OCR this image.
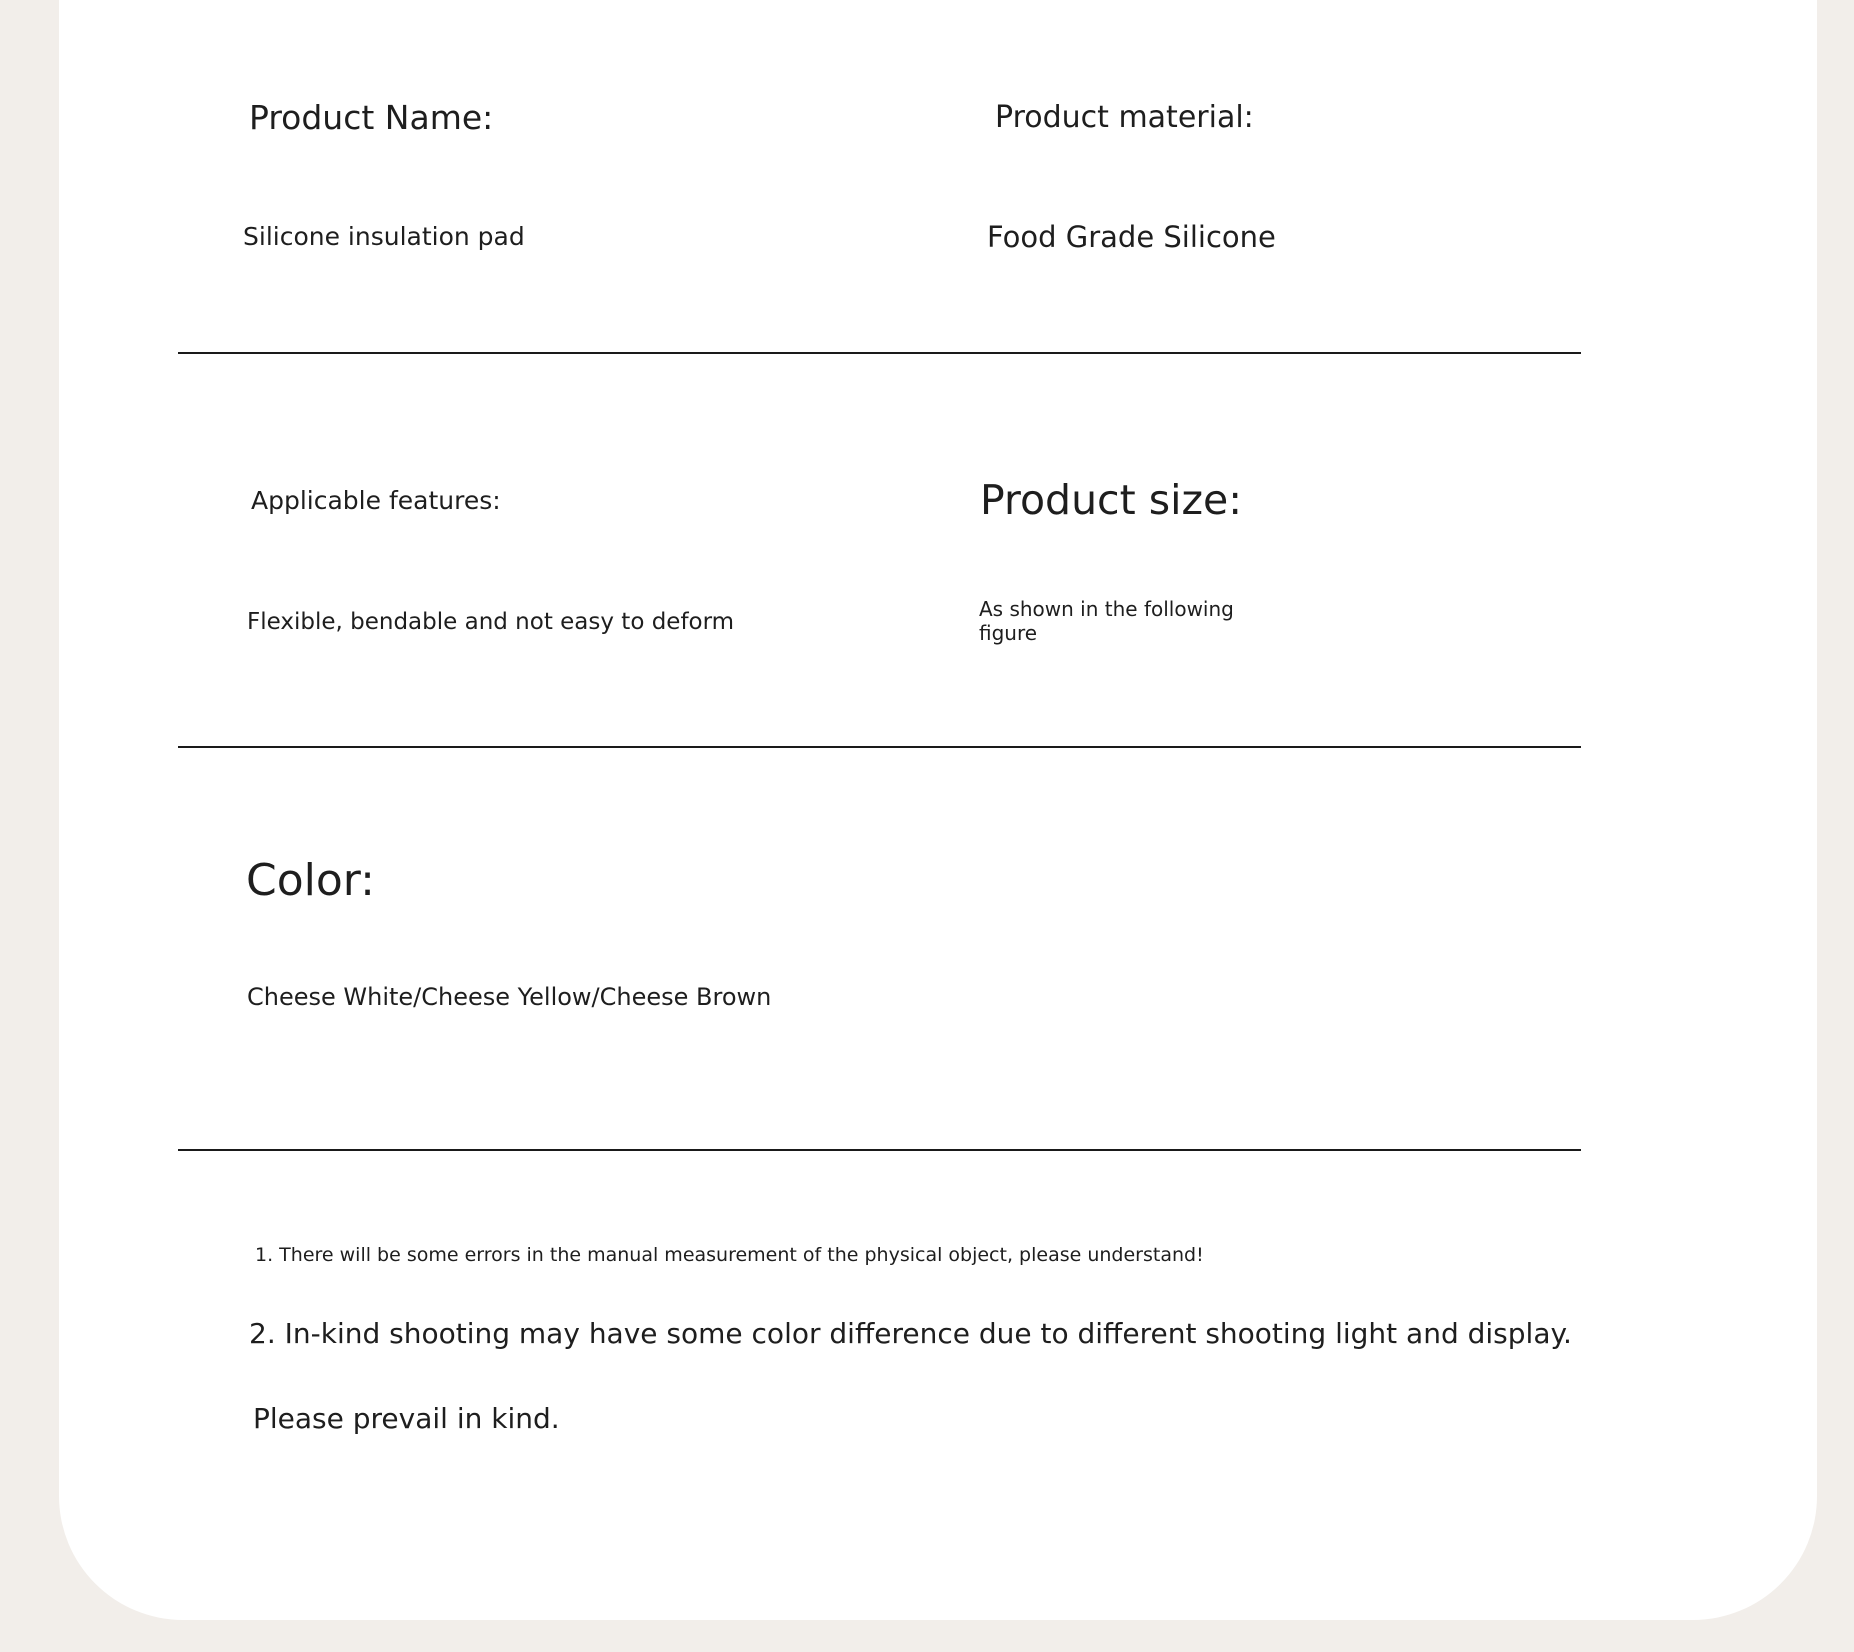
Product Name:
Silicone insulation pad
Product material:
Food Grade Silicone
Applicable features:
Flexible, bendable and not easy to deform
Product size:
As shown in the following
figure
Color:
Cheese White/Cheese Yellow/Cheese Brown
1. There will be some errors in the manual measurement of the physical object, please understand!
2. In-kind shooting may have some color difference due to different shooting light and display.
Please prevail in kind.
